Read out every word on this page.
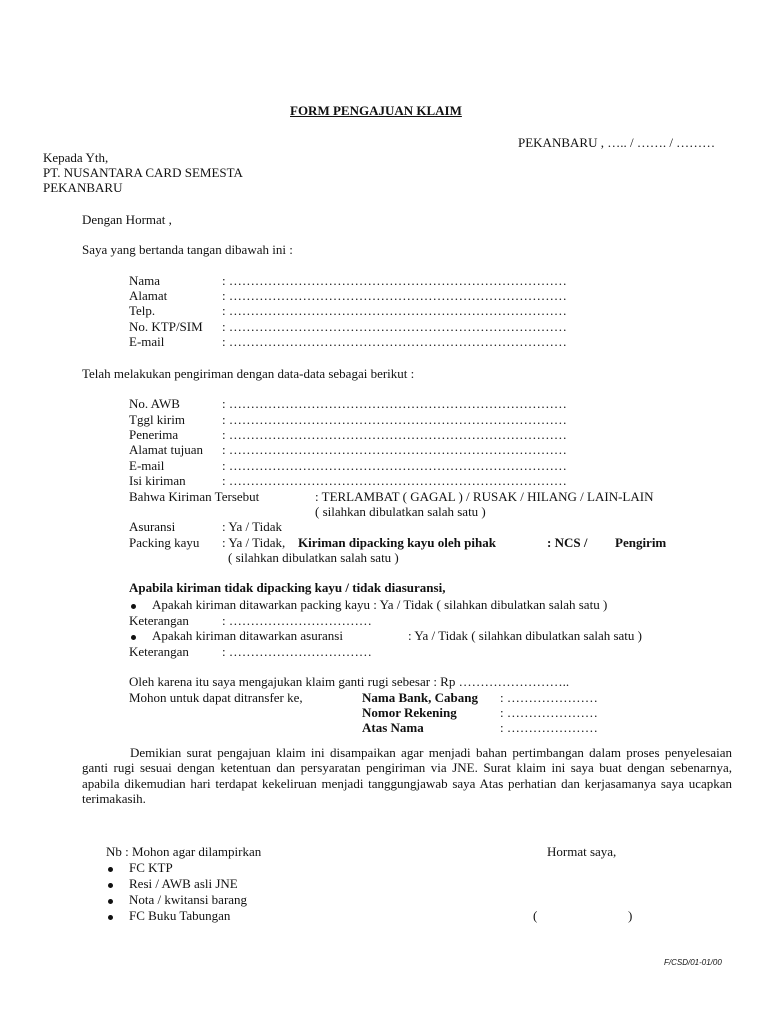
FORM PENGAJUAN KLAIM
PEKANBARU , ….. / ……. / ………
Kepada Yth,
PT. NUSANTARA CARD SEMESTA
PEKANBARU
Dengan Hormat ,
Saya yang bertanda tangan dibawah ini :
Nama	: ……………………………………………………………………
Alamat	: ……………………………………………………………………
Telp.	: ……………………………………………………………………
No. KTP/SIM : ……………………………………………………………………
E-mail	: ……………………………………………………………………
Telah melakukan pengiriman dengan data-data sebagai berikut :
No. AWB	: ……………………………………………………………………
Tggl kirim	: ……………………………………………………………………
Penerima	: ……………………………………………………………………
Alamat tujuan : ……………………………………………………………………
E-mail	: ……………………………………………………………………
Isi kiriman	: ……………………………………………………………………
Bahwa Kiriman Tersebut	: TERLAMBAT ( GAGAL ) / RUSAK / HILANG / LAIN-LAIN
( silahkan dibulatkan salah satu )
Asuransi	: Ya / Tidak
Packing kayu : Ya / Tidak, Kiriman dipacking kayu oleh pihak	: NCS / Pengirim
( silahkan dibulatkan salah satu )
Apabila kiriman tidak dipacking kayu / tidak diasuransi,
Apakah kiriman ditawarkan packing kayu : Ya / Tidak ( silahkan dibulatkan salah satu )
Keterangan	: ……………………………
Apakah kiriman ditawarkan asuransi	: Ya / Tidak ( silahkan dibulatkan salah satu )
Keterangan	: ……………………………
Oleh karena itu saya mengajukan klaim ganti rugi sebesar : Rp ……………………..
Mohon untuk dapat ditransfer ke,	Nama Bank, Cabang : …………………
Nomor Rekening	: …………………
Atas Nama	: …………………
Demikian surat pengajuan klaim ini disampaikan agar menjadi bahan pertimbangan dalam proses penyelesaian ganti rugi sesuai dengan ketentuan dan persyaratan pengiriman via JNE. Surat klaim ini saya buat dengan sebenarnya, apabila dikemudian hari terdapat kekeliruan menjadi tanggungjawab saya Atas perhatian dan kerjasamanya saya ucapkan terimakasih.
Nb : Mohon agar dilampirkan
FC KTP
Resi / AWB asli JNE
Nota / kwitansi barang
FC Buku Tabungan
Hormat saya,
(	)
F/CSD/01-01/00
